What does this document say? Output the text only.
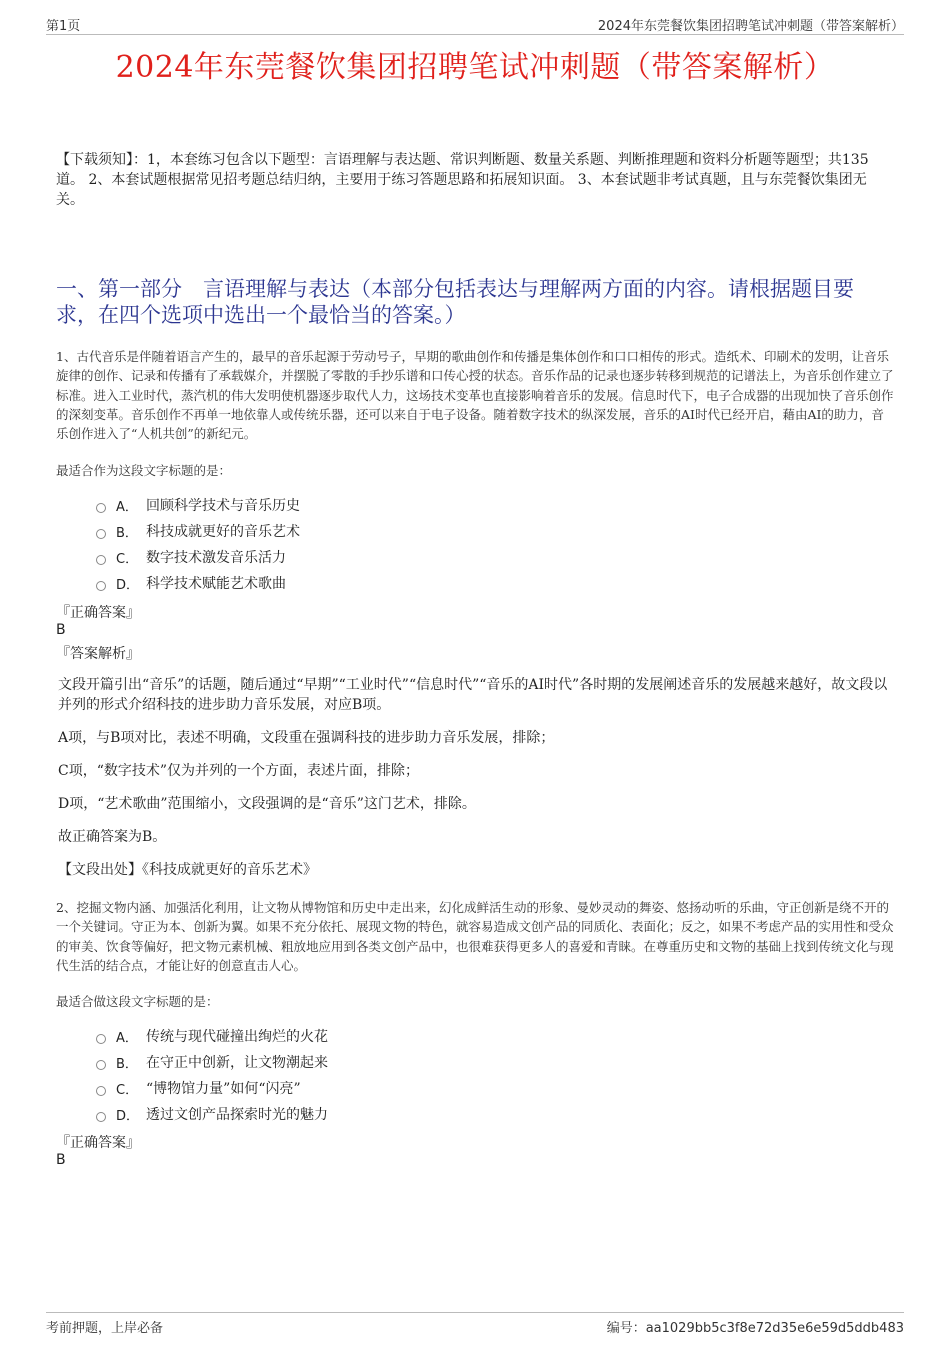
第1页	2024年东莞餐饮集团招聘笔试冲刺题（带答案解析）
2024年东莞餐饮集团招聘笔试冲刺题（带答案解析）
【下载须知】：1，本套练习包含以下题型：言语理解与表达题、常识判断题、数量关系题、判断推理题和资料分析题等题型；共135道。 2、本套试题根据常见招考题总结归纳，主要用于练习答题思路和拓展知识面。 3、本套试题非考试真题，且与东莞餐饮集团无关。
一、第一部分　言语理解与表达（本部分包括表达与理解两方面的内容。请根据题目要求，在四个选项中选出一个最恰当的答案。）
1、古代音乐是伴随着语言产生的，最早的音乐起源于劳动号子，早期的歌曲创作和传播是集体创作和口口相传的形式。造纸术、印刷术的发明，让音乐旋律的创作、记录和传播有了承载媒介，并摆脱了零散的手抄乐谱和口传心授的状态。音乐作品的记录也逐步转移到规范的记谱法上，为音乐创作建立了标准。进入工业时代，蒸汽机的伟大发明使机器逐步取代人力，这场技术变革也直接影响着音乐的发展。信息时代下，电子合成器的出现加快了音乐创作的深刻变革。音乐创作不再单一地依靠人或传统乐器，还可以来自于电子设备。随着数字技术的纵深发展，音乐的AI时代已经开启，藉由AI的助力，音乐创作进入了“人机共创”的新纪元。
最适合作为这段文字标题的是：
A． 回顾科学技术与音乐历史
B． 科技成就更好的音乐艺术
C． 数字技术激发音乐活力
D． 科学技术赋能艺术歌曲
『正确答案』
B
『答案解析』
文段开篇引出“音乐”的话题，随后通过“早期”“工业时代”“信息时代”“音乐的AI时代”各时期的发展阐述音乐的发展越来越好，故文段以并列的形式介绍科技的进步助力音乐发展，对应B项。
A项，与B项对比，表述不明确，文段重在强调科技的进步助力音乐发展，排除；
C项，“数字技术”仅为并列的一个方面，表述片面，排除；
D项，“艺术歌曲”范围缩小，文段强调的是“音乐”这门艺术，排除。
故正确答案为B。
【文段出处】《科技成就更好的音乐艺术》
2、挖掘文物内涵、加强活化利用，让文物从博物馆和历史中走出来，幻化成鲜活生动的形象、曼妙灵动的舞姿、悠扬动听的乐曲，守正创新是绕不开的一个关键词。守正为本、创新为翼。如果不充分依托、展现文物的特色，就容易造成文创产品的同质化、表面化；反之，如果不考虑产品的实用性和受众的审美、饮食等偏好，把文物元素机械、粗放地应用到各类文创产品中，也很难获得更多人的喜爱和青睐。在尊重历史和文物的基础上找到传统文化与现代生活的结合点，才能让好的创意直击人心。
最适合做这段文字标题的是：
A． 传统与现代碰撞出绚烂的火花
B． 在守正中创新，让文物潮起来
C． “博物馆力量”如何“闪亮”
D． 透过文创产品探索时光的魅力
『正确答案』
B
考前押题，上岸必备	编号：aa1029bb5c3f8e72d35e6e59d5ddb483
